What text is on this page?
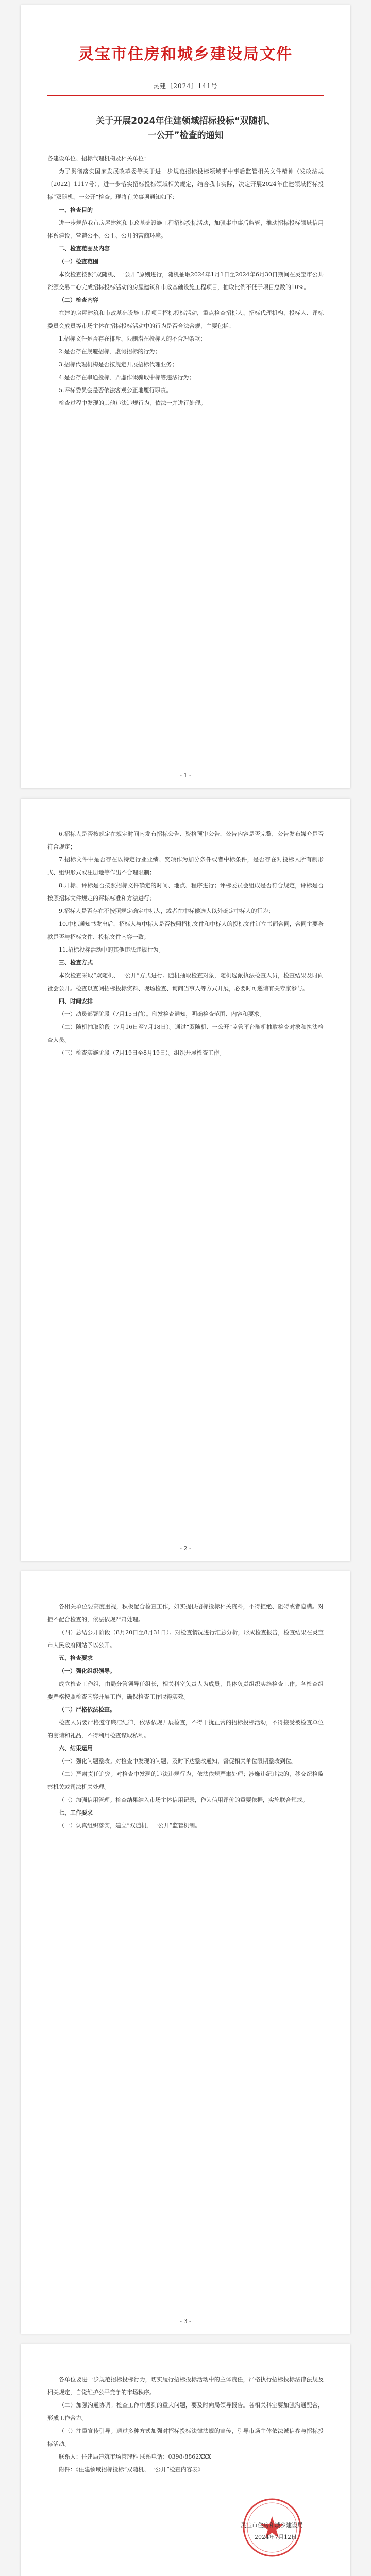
灵宝市住房和城乡建设局文件
灵建〔2024〕141号
关于开展2024年住建领域招标投标“双随机、
一公开”检查的通知

各建设单位、招标代理机构及相关单位：

为了贯彻落实国家发展改革委等关于进一步规范招标投标领域事中事后监管相关文件精神（发改法规〔2022〕1117号），进一步落实招标投标领域相关规定，结合我市实际，决定开展2024年住建领域招标投标“双随机、一公开”检查。现将有关事项通知如下：

一、检查目的

进一步规范我市房屋建筑和市政基础设施工程招标投标活动，加强事中事后监管，推动招标投标领域信用体系建设，营造公平、公正、公开的营商环境。

二、检查范围及内容

（一）检查范围

本次检查按照“双随机、一公开”原则进行，随机抽取2024年1月1日至2024年6月30日期间在灵宝市公共资源交易中心完成招标投标活动的房屋建筑和市政基础设施工程项目，抽取比例不低于项目总数的10%。

（二）检查内容

在建的房屋建筑和市政基础设施工程项目招标投标活动，重点检查招标人、招标代理机构、投标人、评标委员会成员等市场主体在招标投标活动中的行为是否合法合规，主要包括：

1.招标文件是否存在排斥、限制潜在投标人的不合理条款；

2.是否存在规避招标、虚假招标的行为；

3.招标代理机构是否按规定开展招标代理业务；

4.是否存在串通投标、弄虚作假骗取中标等违法行为；

5.评标委员会是否依法客观公正地履行职责。

检查过程中发现的其他违法违规行为，依法一并进行处理。

- 1 -

6.招标人是否按规定在规定时间内发布招标公告、资格预审公告，公告内容是否完整，公告发布媒介是否符合规定；

7.招标文件中是否存在以特定行业业绩、奖项作为加分条件或者中标条件，是否存在对投标人所有制形式、组织形式或注册地等作出不合理限制；

8.开标、评标是否按照招标文件确定的时间、地点、程序进行；评标委员会组成是否符合规定，评标是否按照招标文件规定的评标标准和方法进行；

9.招标人是否存在不按照规定确定中标人，或者在中标候选人以外确定中标人的行为；

10.中标通知书发出后，招标人与中标人是否按照招标文件和中标人的投标文件订立书面合同，合同主要条款是否与招标文件、投标文件内容一致；

11.招标投标活动中的其他违法违规行为。

三、检查方式

本次检查采取“双随机、一公开”方式进行。随机抽取检查对象，随机选派执法检查人员，检查结果及时向社会公开。检查以查阅招标投标资料、现场检查、询问当事人等方式开展，必要时可邀请有关专家参与。

四、时间安排

（一）动员部署阶段（7月15日前）。印发检查通知，明确检查范围、内容和要求。

（二）随机抽取阶段（7月16日至7月18日）。通过“双随机、一公开”监管平台随机抽取检查对象和执法检查人员。

（三）检查实施阶段（7月19日至8月19日）。组织开展检查工作。

- 2 -

各相关单位要高度重视，积极配合检查工作，如实提供招标投标相关资料，不得拒绝、阻碍或者隐瞒。对拒不配合检查的，依法依规严肃处理。

（四）总结公开阶段（8月20日至8月31日）。对检查情况进行汇总分析，形成检查报告，检查结果在灵宝市人民政府网站予以公开。

五、检查要求

（一）强化组织领导。

成立检查工作组，由局分管领导任组长，相关科室负责人为成员，具体负责组织实施检查工作。各检查组要严格按照检查内容开展工作，确保检查工作取得实效。

（二）严格依法检查。

检查人员要严格遵守廉洁纪律，依法依规开展检查，不得干扰正常的招标投标活动，不得接受被检查单位的宴请和礼品，不得利用检查谋取私利。

六、结果运用

（一）强化问题整改。对检查中发现的问题，及时下达整改通知，督促相关单位限期整改到位。

（二）严肃责任追究。对检查中发现的违法违规行为，依法依规严肃处理；涉嫌违纪违法的，移交纪检监察机关或司法机关处理。

（三）加强信用管理。检查结果纳入市场主体信用记录，作为信用评价的重要依据，实施联合惩戒。

七、工作要求

（一）认真组织落实，建立“双随机、一公开”监管机制。

- 3 -

各单位要进一步规范招标投标行为，切实履行招标投标活动中的主体责任，严格执行招标投标法律法规及相关规定，自觉维护公平竞争的市场秩序。

（二）加强沟通协调。检查工作中遇到的重大问题，要及时向局领导报告。各相关科室要加强沟通配合，形成工作合力。

（三）注重宣传引导。通过多种方式加强对招标投标法律法规的宣传，引导市场主体依法诚信参与招标投标活动。

联系人：住建局建筑市场管理科 联系电话：0398-8862XXX

附件：《住建领域招标投标“双随机、一公开”检查内容表》

灵宝市住房和城乡建设局
2024年7月12日
